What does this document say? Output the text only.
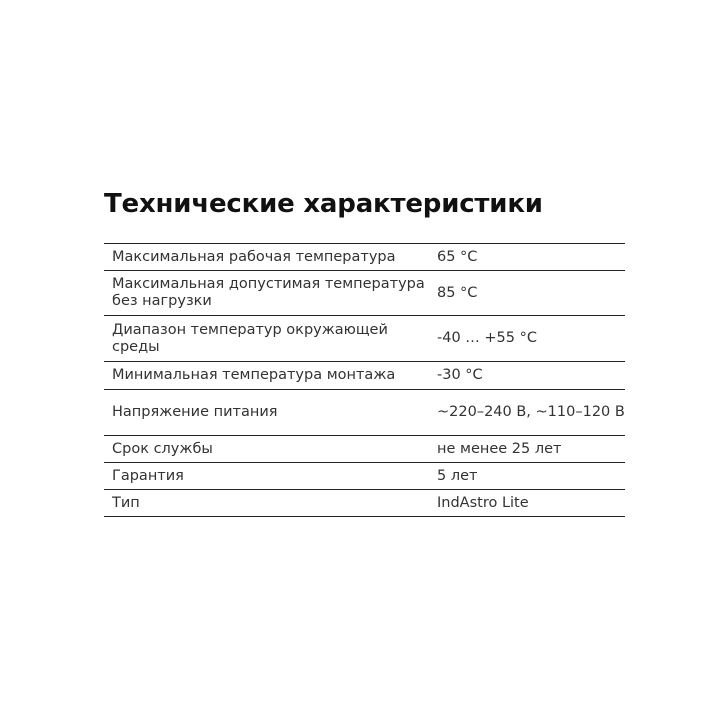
Технические характеристики
Максимальная рабочая температура	65 °C
Максимальная допустимая температура без нагрузки	85 °C
Диапазон температур окружающей среды	-40 … +55 °C
Минимальная температура монтажа	-30 °C
Напряжение питания	~220–240 В, ~110–120 В
Срок службы	не менее 25 лет
Гарантия	5 лет
Тип	IndAstro Lite
